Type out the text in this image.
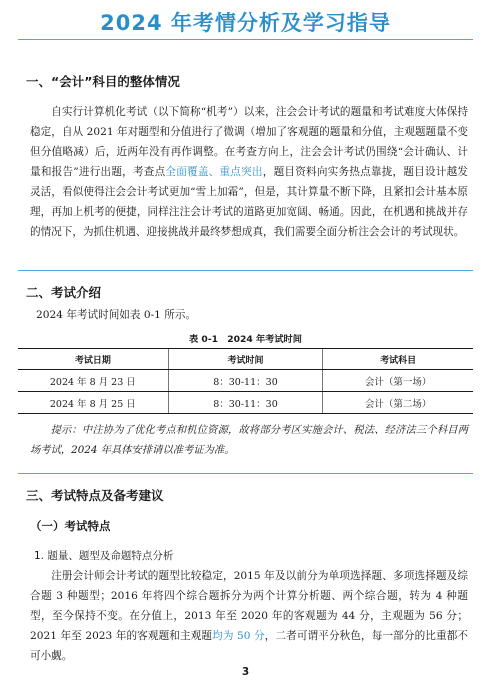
2024 年考情分析及学习指导
一、“会计”科目的整体情况

自实行计算机化考试（以下简称“机考”）以来，注会会计考试的题量和考试难度大体保持稳定，自从 2021 年对题型和分值进行了微调（增加了客观题的题量和分值，主观题题量不变但分值略减）后，近两年没有再作调整。在考查方向上，注会会计考试仍围绕“会计确认、计量和报告”进行出题，考查点全面覆盖、重点突出，题目资料向实务热点靠拢，题目设计越发灵活，看似使得注会会计考试更加“雪上加霜”，但是，其计算量不断下降，且紧扣会计基本原理，再加上机考的便捷，同样注注会计考试的道路更加宽阔、畅通。因此，在机遇和挑战并存的情况下，为抓住机遇、迎接挑战并最终梦想成真，我们需要全面分析注会会计的考试现状。

二、考试介绍
2024 年考试时间如表 0-1 所示。
表 0-1　2024 年考试时间
考试日期	考试时间	考试科目
2024 年 8 月 23 日	8：30-11：30	会计（第一场）
2024 年 8 月 25 日	8：30-11：30	会计（第二场）

提示：中注协为了优化考点和机位资源，故将部分考区实施会计、税法、经济法三个科目两场考试，2024 年具体安排请以准考证为准。

三、考试特点及备考建议
（一）考试特点
1. 题量、题型及命题特点分析

注册会计师会计考试的题型比较稳定，2015 年及以前分为单项选择题、多项选择题及综合题 3 种题型；2016 年将四个综合题拆分为两个计算分析题、两个综合题，转为 4 种题型，至今保持不变。在分值上，2013 年至 2020 年的客观题为 44 分，主观题为 56 分；2021 年至 2023 年的客观题和主观题均为 50 分，二者可谓平分秋色，每一部分的比重都不可小觑。

3
